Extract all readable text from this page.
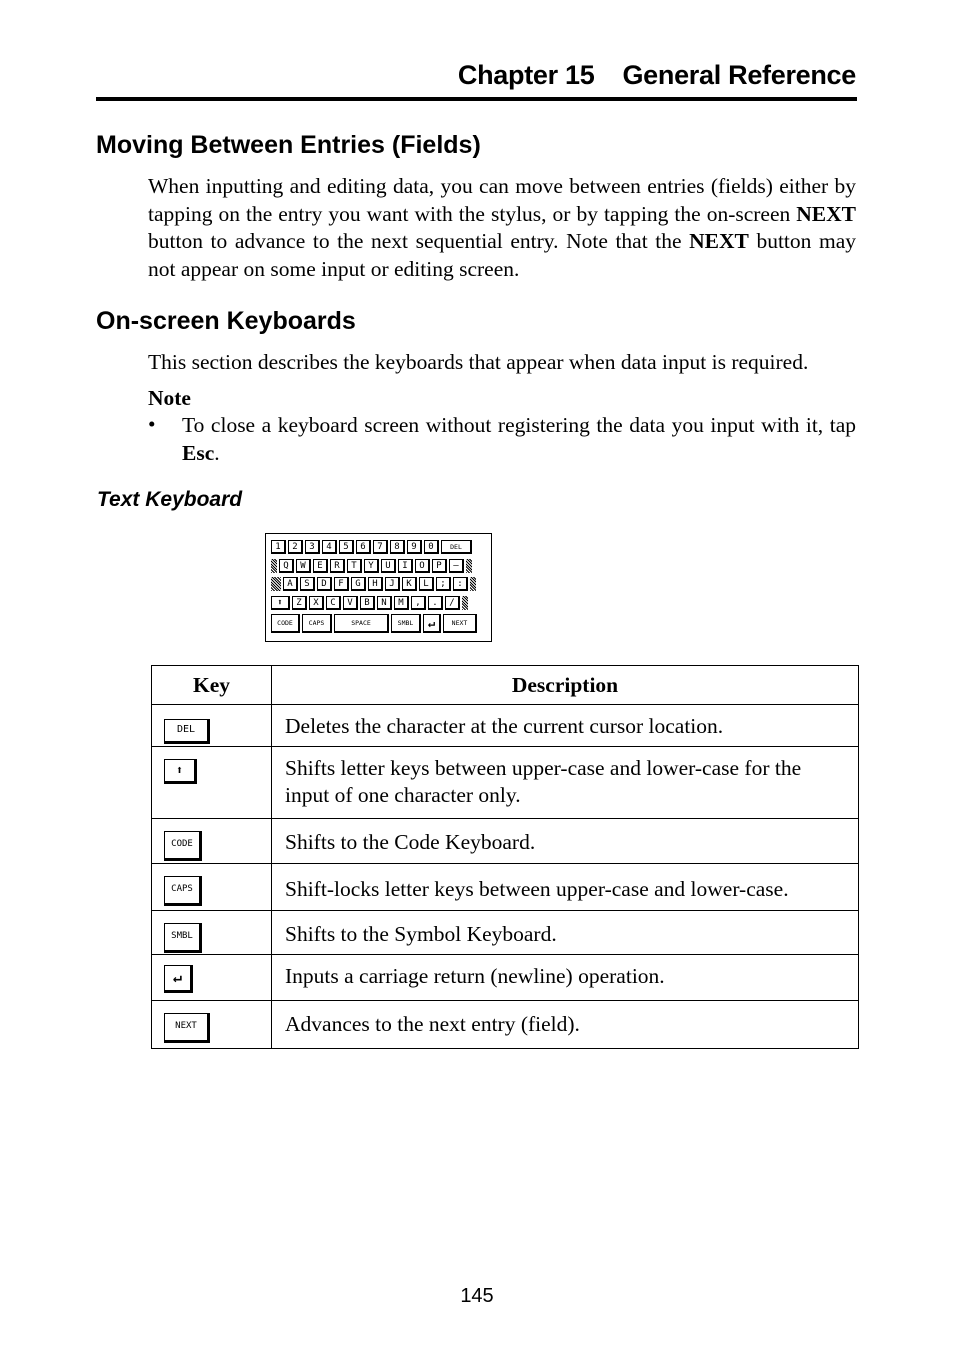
Chapter 15 General Reference
Moving Between Entries (Fields)
When inputting and editing data, you can move between entries (fields) either by tapping on the entry you want with the stylus, or by tapping the on-screen NEXT button to advance to the next sequential entry. Note that the NEXT button may not appear on some input or editing screen.
On-screen Keyboards
This section describes the keyboards that appear when data input is required.
Note
• To close a keyboard screen without registering the data you input with it, tap Esc.
Text Keyboard
1	2	3	4	5	6	7	8	9	0	DEL
Q	W	E	R	T	Y	U	I	O	P	–
A	S	D	F	G	H	J	K	L	;	:
⬆	Z	X	C	V	B	N	M	,	.	/
CODE	CAPS	SPACE	SMBL	↵	NEXT
Key	Description
DEL	Deletes the character at the current cursor location.
⬆	Shifts letter keys between upper-case and lower-case for the input of one character only.
CODE	Shifts to the Code Keyboard.
CAPS	Shift-locks letter keys between upper-case and lower-case.
SMBL	Shifts to the Symbol Keyboard.
↵	Inputs a carriage return (newline) operation.
NEXT	Advances to the next entry (field).
145
